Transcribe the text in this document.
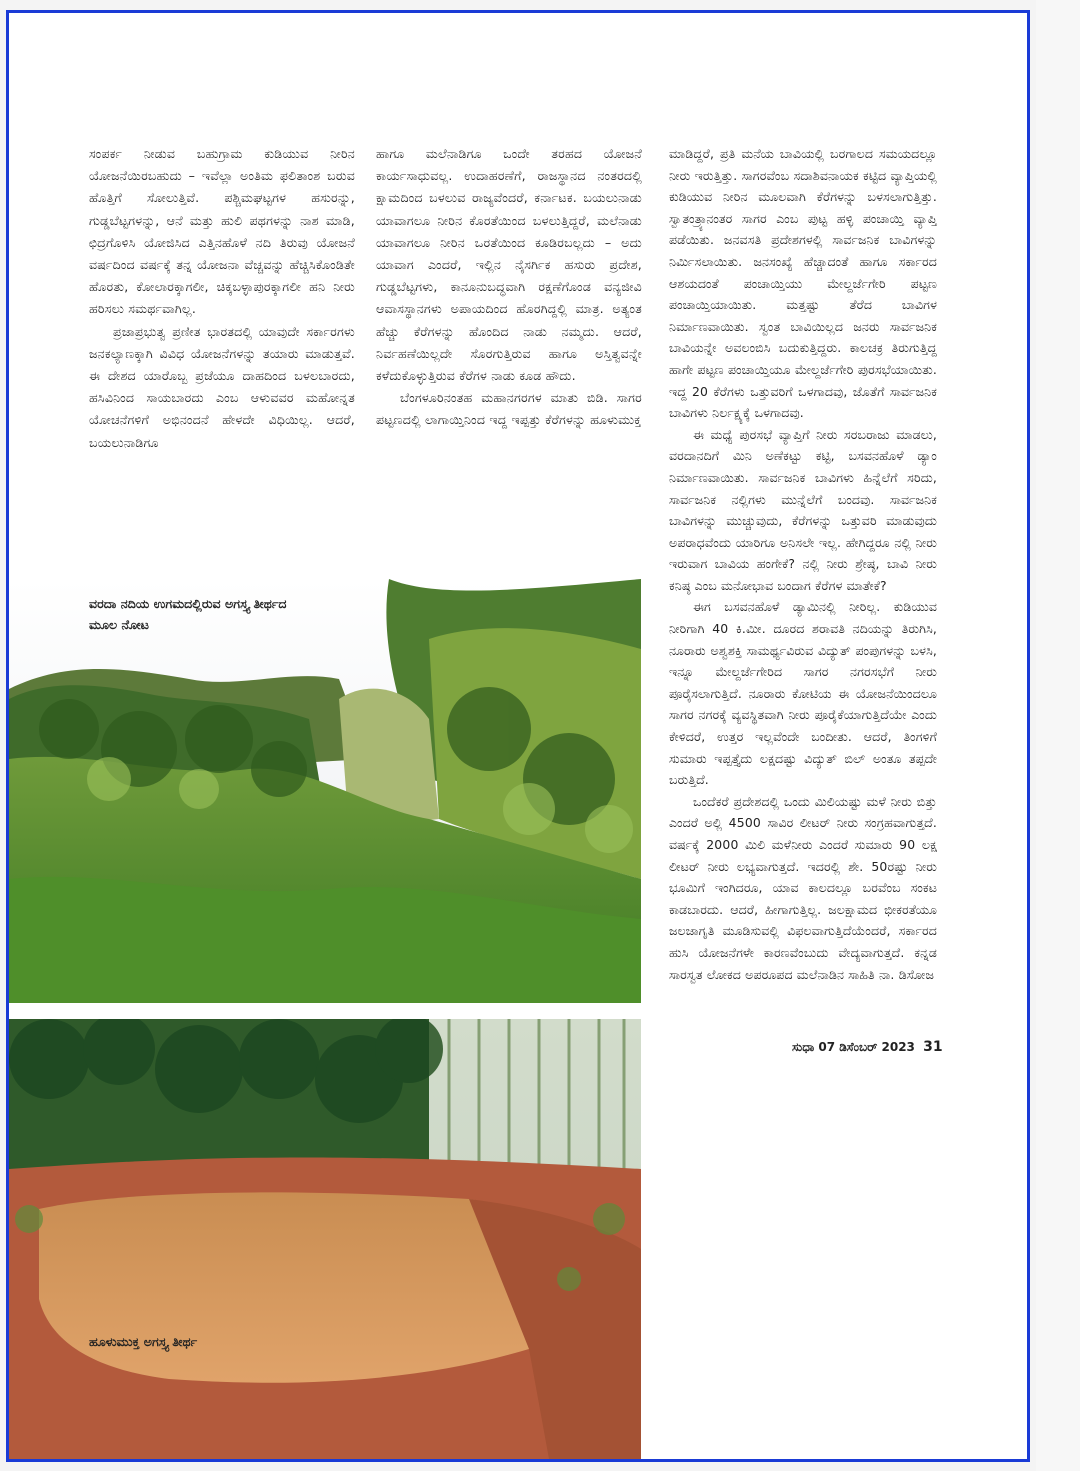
ಸಂಪರ್ಕ ನೀಡುವ ಬಹುಗ್ರಾಮ ಕುಡಿಯುವ ನೀರಿನ ಯೋಜನೆಯಿರಬಹುದು – ಇವೆಲ್ಲಾ ಅಂತಿಮ ಫಲಿತಾಂಶ ಬರುವ ಹೊತ್ತಿಗೆ ಸೋಲುತ್ತಿವೆ. ಪಶ್ಚಿಮಘಟ್ಟಗಳ ಹಸುರನ್ನು, ಗುಡ್ಡಬೆಟ್ಟಗಳನ್ನು, ಆನೆ ಮತ್ತು ಹುಲಿ ಪಥಗಳನ್ನು ನಾಶ ಮಾಡಿ, ಛಿದ್ರಗೊಳಿಸಿ ಯೋಜಿಸಿದ ಎತ್ತಿನಹೊಳೆ ನದಿ ತಿರುವು ಯೋಜನೆ ವರ್ಷದಿಂದ ವರ್ಷಕ್ಕೆ ತನ್ನ ಯೋಜನಾ ವೆಚ್ಚವನ್ನು ಹೆಚ್ಚಿಸಿಕೊಂಡಿತೇ ಹೊರತು, ಕೋಲಾರಕ್ಕಾಗಲೀ, ಚಿಕ್ಕಬಳ್ಳಾಪುರಕ್ಕಾಗಲೀ ಹನಿ ನೀರು ಹರಿಸಲು ಸಮರ್ಥವಾಗಿಲ್ಲ.

ಪ್ರಜಾಪ್ರಭುತ್ವ ಪ್ರಣೀತ ಭಾರತದಲ್ಲಿ ಯಾವುದೇ ಸರ್ಕಾರಗಳು ಜನಕಲ್ಯಾಣಕ್ಕಾಗಿ ವಿವಿಧ ಯೋಜನೆಗಳನ್ನು ತಯಾರು ಮಾಡುತ್ತವೆ. ಈ ದೇಶದ ಯಾರೊಬ್ಬ ಪ್ರಜೆಯೂ ದಾಹದಿಂದ ಬಳಲಬಾರದು, ಹಸಿವಿನಿಂದ ಸಾಯಬಾರದು ಎಂಬ ಆಳುವವರ ಮಹೋನ್ನತ ಯೋಚನೆಗಳಿಗೆ ಅಭಿನಂದನೆ ಹೇಳದೇ ವಿಧಿಯಿಲ್ಲ. ಆದರೆ, ಬಯಲುನಾಡಿಗೂ

ಹಾಗೂ ಮಲೆನಾಡಿಗೂ ಒಂದೇ ತರಹದ ಯೋಜನೆ ಕಾರ್ಯಸಾಧುವಲ್ಲ. ಉದಾಹರಣೆಗೆ, ರಾಜಸ್ಥಾನದ ನಂತರದಲ್ಲಿ ಕ್ಷಾಮದಿಂದ ಬಳಲುವ ರಾಜ್ಯವೆಂದರೆ, ಕರ್ನಾಟಕ. ಬಯಲುನಾಡು ಯಾವಾಗಲೂ ನೀರಿನ ಕೊರತೆಯಿಂದ ಬಳಲುತ್ತಿದ್ದರೆ, ಮಲೆನಾಡು ಯಾವಾಗಲೂ ನೀರಿನ ಒರತೆಯಿಂದ ಕೂಡಿರಬಲ್ಲದು – ಅದು ಯಾವಾಗ ಎಂದರೆ, ಇಲ್ಲಿನ ನೈಸರ್ಗಿಕ ಹಸುರು ಪ್ರದೇಶ, ಗುಡ್ಡಬೆಟ್ಟಗಳು, ಕಾನೂನುಬದ್ಧವಾಗಿ ರಕ್ಷಣೆಗೊಂಡ ವನ್ಯಜೀವಿ ಆವಾಸಸ್ಥಾನಗಳು ಅಪಾಯದಿಂದ ಹೊರಗಿದ್ದಲ್ಲಿ ಮಾತ್ರ. ಅತ್ಯಂತ ಹೆಚ್ಚು ಕೆರೆಗಳನ್ನು ಹೊಂದಿದ ನಾಡು ನಮ್ಮದು. ಆದರೆ, ನಿರ್ವಹಣೆಯಿಲ್ಲದೇ ಸೊರಗುತ್ತಿರುವ ಹಾಗೂ ಅಸ್ತಿತ್ವವನ್ನೇ ಕಳೆದುಕೊಳ್ಳುತ್ತಿರುವ ಕೆರೆಗಳ ನಾಡು ಕೂಡ ಹೌದು.

ಬೆಂಗಳೂರಿನಂತಹ ಮಹಾನಗರಗಳ ಮಾತು ಬಿಡಿ. ಸಾಗರ ಪಟ್ಟಣದಲ್ಲಿ ಲಾಗಾಯ್ತಿನಿಂದ ಇದ್ದ ಇಪ್ಪತ್ತು ಕೆರೆಗಳನ್ನು ಹೂಳುಮುಕ್ತ

ಮಾಡಿದ್ದರೆ, ಪ್ರತಿ ಮನೆಯ ಬಾವಿಯಲ್ಲಿ ಬರಗಾಲದ ಸಮಯದಲ್ಲೂ ನೀರು ಇರುತ್ತಿತ್ತು. ಸಾಗರವೆಂಬ ಸದಾಶಿವನಾಯಕ ಕಟ್ಟಿದ ವ್ಯಾಪ್ತಿಯಲ್ಲಿ ಕುಡಿಯುವ ನೀರಿನ ಮೂಲವಾಗಿ ಕೆರೆಗಳನ್ನು ಬಳಸಲಾಗುತ್ತಿತ್ತು. ಸ್ವಾತಂತ್ರ್ಯಾನಂತರ ಸಾಗರ ಎಂಬ ಪುಟ್ಟ ಹಳ್ಳಿ ಪಂಚಾಯ್ತಿ ವ್ಯಾಪ್ತಿ ಪಡೆಯಿತು. ಜನವಸತಿ ಪ್ರದೇಶಗಳಲ್ಲಿ ಸಾರ್ವಜನಿಕ ಬಾವಿಗಳನ್ನು ನಿರ್ಮಿಸಲಾಯಿತು. ಜನಸಂಖ್ಯೆ ಹೆಚ್ಚಾದಂತೆ ಹಾಗೂ ಸರ್ಕಾರದ ಆಶಯದಂತೆ ಪಂಚಾಯ್ತಿಯು ಮೇಲ್ದರ್ಜೆಗೇರಿ ಪಟ್ಟಣ ಪಂಚಾಯ್ತಿಯಾಯಿತು. ಮತ್ತಷ್ಟು ತೆರೆದ ಬಾವಿಗಳ ನಿರ್ಮಾಣವಾಯಿತು. ಸ್ವಂತ ಬಾವಿಯಿಲ್ಲದ ಜನರು ಸಾರ್ವಜನಿಕ ಬಾವಿಯನ್ನೇ ಅವಲಂಬಿಸಿ ಬದುಕುತ್ತಿದ್ದರು. ಕಾಲಚಕ್ರ ತಿರುಗುತ್ತಿದ್ದ ಹಾಗೇ ಪಟ್ಟಣ ಪಂಚಾಯ್ತಿಯೂ ಮೇಲ್ದರ್ಜೆಗೇರಿ ಪುರಸಭೆಯಾಯಿತು. ಇದ್ದ 20 ಕೆರೆಗಳು ಒತ್ತುವರಿಗೆ ಒಳಗಾದವು, ಜೊತೆಗೆ ಸಾರ್ವಜನಿಕ ಬಾವಿಗಳು ನಿರ್ಲಕ್ಷ್ಯಕ್ಕೆ ಒಳಗಾದವು.

ಈ ಮಧ್ಯೆ ಪುರಸಭೆ ವ್ಯಾಪ್ತಿಗೆ ನೀರು ಸರಬರಾಜು ಮಾಡಲು, ವರದಾನದಿಗೆ ಮಿನಿ ಅಣೆಕಟ್ಟು ಕಟ್ಟಿ, ಬಸವನಹೊಳೆ ಡ್ಯಾಂ ನಿರ್ಮಾಣವಾಯಿತು. ಸಾರ್ವಜನಿಕ ಬಾವಿಗಳು ಹಿನ್ನೆಲೆಗೆ ಸರಿದು, ಸಾರ್ವಜನಿಕ ನಲ್ಲಿಗಳು ಮುನ್ನೆಲೆಗೆ ಬಂದವು. ಸಾರ್ವಜನಿಕ ಬಾವಿಗಳನ್ನು ಮುಚ್ಚುವುದು, ಕೆರೆಗಳನ್ನು ಒತ್ತುವರಿ ಮಾಡುವುದು ಅಪರಾಧವೆಂದು ಯಾರಿಗೂ ಅನಿಸಲೇ ಇಲ್ಲ. ಹೇಗಿದ್ದರೂ ನಲ್ಲಿ ನೀರು ಇರುವಾಗ ಬಾವಿಯ ಹಂಗೇಕೆ? ನಲ್ಲಿ ನೀರು ಶ್ರೇಷ್ಠ, ಬಾವಿ ನೀರು ಕನಿಷ್ಠ ಎಂಬ ಮನೋಭಾವ ಬಂದಾಗ ಕೆರೆಗಳ ಮಾತೇಕೆ?

ಈಗ ಬಸವನಹೊಳೆ ಡ್ಯಾಮಿನಲ್ಲಿ ನೀರಿಲ್ಲ. ಕುಡಿಯುವ ನೀರಿಗಾಗಿ 40 ಕಿ.ಮೀ. ದೂರದ ಶರಾವತಿ ನದಿಯನ್ನು ತಿರುಗಿಸಿ, ನೂರಾರು ಅಶ್ವಶಕ್ತಿ ಸಾಮರ್ಥ್ಯವಿರುವ ವಿದ್ಯುತ್ ಪಂಪುಗಳನ್ನು ಬಳಸಿ, ಇನ್ನೂ ಮೇಲ್ದರ್ಜೆಗೇರಿದ ಸಾಗರ ನಗರಸಭೆಗೆ ನೀರು ಪೂರೈಸಲಾಗುತ್ತಿದೆ. ನೂರಾರು ಕೋಟಿಯ ಈ ಯೋಜನೆಯಿಂದಲೂ ಸಾಗರ ನಗರಕ್ಕೆ ವ್ಯವಸ್ಥಿತವಾಗಿ ನೀರು ಪೂರೈಕೆಯಾಗುತ್ತಿದೆಯೇ ಎಂದು ಕೇಳಿದರೆ, ಉತ್ತರ ಇಲ್ಲವೆಂದೇ ಬಂದೀತು. ಆದರೆ, ತಿಂಗಳಿಗೆ ಸುಮಾರು ಇಪ್ಪತ್ತೈದು ಲಕ್ಷದಷ್ಟು ವಿದ್ಯುತ್ ಬಿಲ್ ಅಂತೂ ತಪ್ಪದೇ ಬರುತ್ತಿದೆ.

ಒಂದೆಕರೆ ಪ್ರದೇಶದಲ್ಲಿ ಒಂದು ಮಿಲಿಯಷ್ಟು ಮಳೆ ನೀರು ಬಿತ್ತು ಎಂದರೆ ಅಲ್ಲಿ 4500 ಸಾವಿರ ಲೀಟರ್ ನೀರು ಸಂಗ್ರಹವಾಗುತ್ತದೆ. ವರ್ಷಕ್ಕೆ 2000 ಮಿಲಿ ಮಳೆನೀರು ಎಂದರೆ ಸುಮಾರು 90 ಲಕ್ಷ ಲೀಟರ್ ನೀರು ಲಭ್ಯವಾಗುತ್ತದೆ. ಇದರಲ್ಲಿ ಶೇ. 50ರಷ್ಟು ನೀರು ಭೂಮಿಗೆ ಇಂಗಿದರೂ, ಯಾವ ಕಾಲದಲ್ಲೂ ಬರವೆಂಬ ಸಂಕಟ ಕಾಡಬಾರದು. ಆದರೆ, ಹೀಗಾಗುತ್ತಿಲ್ಲ. ಜಲಕ್ಷಾಮದ ಭೀಕರತೆಯೂ ಜಲಜಾಗೃತಿ ಮೂಡಿಸುವಲ್ಲಿ ವಿಫಲವಾಗುತ್ತಿದೆಯೆಂದರೆ, ಸರ್ಕಾರದ ಹುಸಿ ಯೋಜನೆಗಳೇ ಕಾರಣವೆಂಬುದು ವೇದ್ಯವಾಗುತ್ತದೆ. ಕನ್ನಡ ಸಾರಸ್ವತ ಲೋಕದ ಅಪರೂಪದ ಮಲೆನಾಡಿನ ಸಾಹಿತಿ ನಾ. ಡಿಸೋಜ

ವರದಾ ನದಿಯ ಉಗಮದಲ್ಲಿರುವ ಅಗಸ್ತ್ಯ ತೀರ್ಥದ ಮೂಲ ನೋಟ
ಹೂಳುಮುಕ್ತ ಅಗಸ್ತ್ಯ ತೀರ್ಥ
ಸುಧಾ 07 ಡಿಸೆಂಬರ್ 2023 31
